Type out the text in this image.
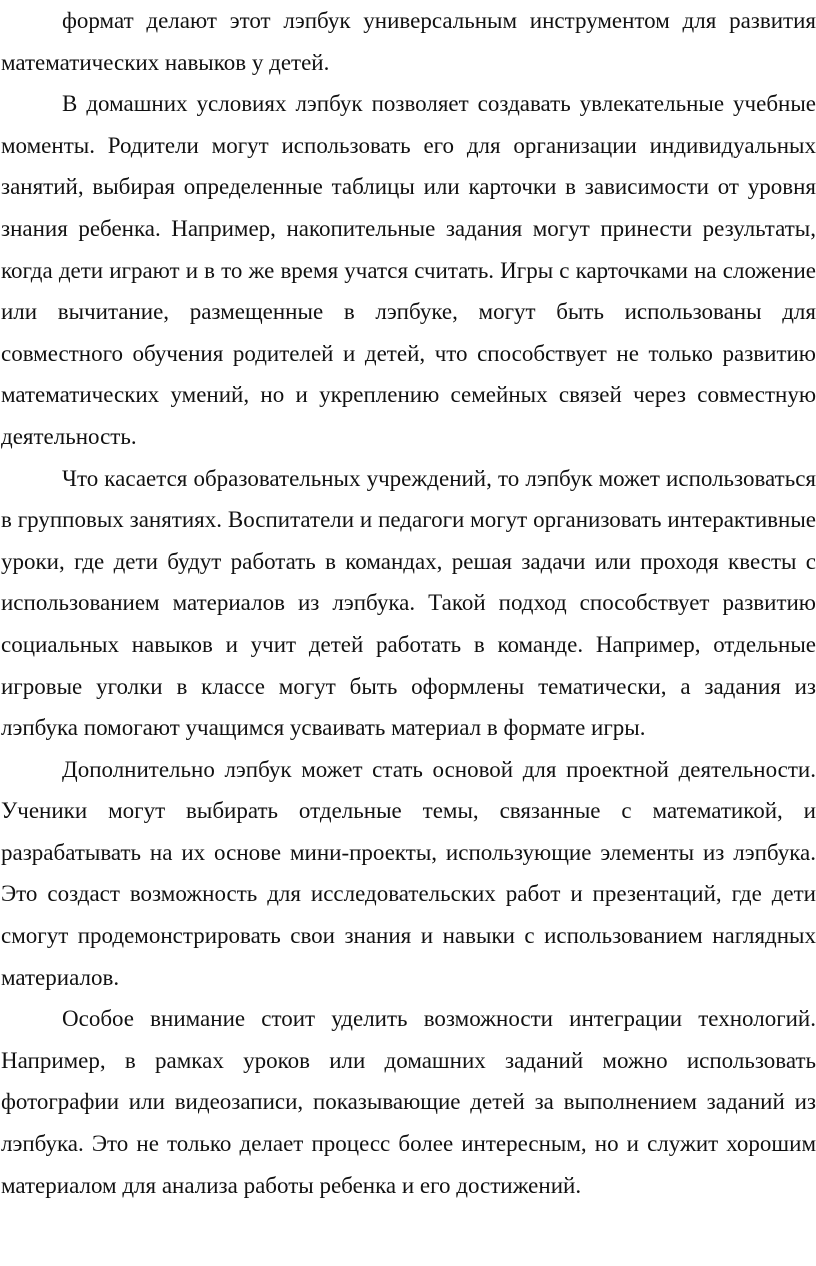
формат делают этот лэпбук универсальным инструментом для развития математических навыков у детей.

В домашних условиях лэпбук позволяет создавать увлекательные учебные моменты. Родители могут использовать его для организации индивидуальных занятий, выбирая определенные таблицы или карточки в зависимости от уровня знания ребенка. Например, накопительные задания могут принести результаты, когда дети играют и в то же время учатся считать. Игры с карточками на сложение или вычитание, размещенные в лэпбуке, могут быть использованы для совместного обучения родителей и детей, что способствует не только развитию математических умений, но и укреплению семейных связей через совместную деятельность.

Что касается образовательных учреждений, то лэпбук может использоваться в групповых занятиях. Воспитатели и педагоги могут организовать интерактивные уроки, где дети будут работать в командах, решая задачи или проходя квесты с использованием материалов из лэпбука. Такой подход способствует развитию социальных навыков и учит детей работать в команде. Например, отдельные игровые уголки в классе могут быть оформлены тематически, а задания из лэпбука помогают учащимся усваивать материал в формате игры.

Дополнительно лэпбук может стать основой для проектной деятельности. Ученики могут выбирать отдельные темы, связанные с математикой, и разрабатывать на их основе мини-проекты, использующие элементы из лэпбука. Это создаст возможность для исследовательских работ и презентаций, где дети смогут продемонстрировать свои знания и навыки с использованием наглядных материалов.

Особое внимание стоит уделить возможности интеграции технологий. Например, в рамках уроков или домашних заданий можно использовать фотографии или видеозаписи, показывающие детей за выполнением заданий из лэпбука. Это не только делает процесс более интересным, но и служит хорошим материалом для анализа работы ребенка и его достижений.
